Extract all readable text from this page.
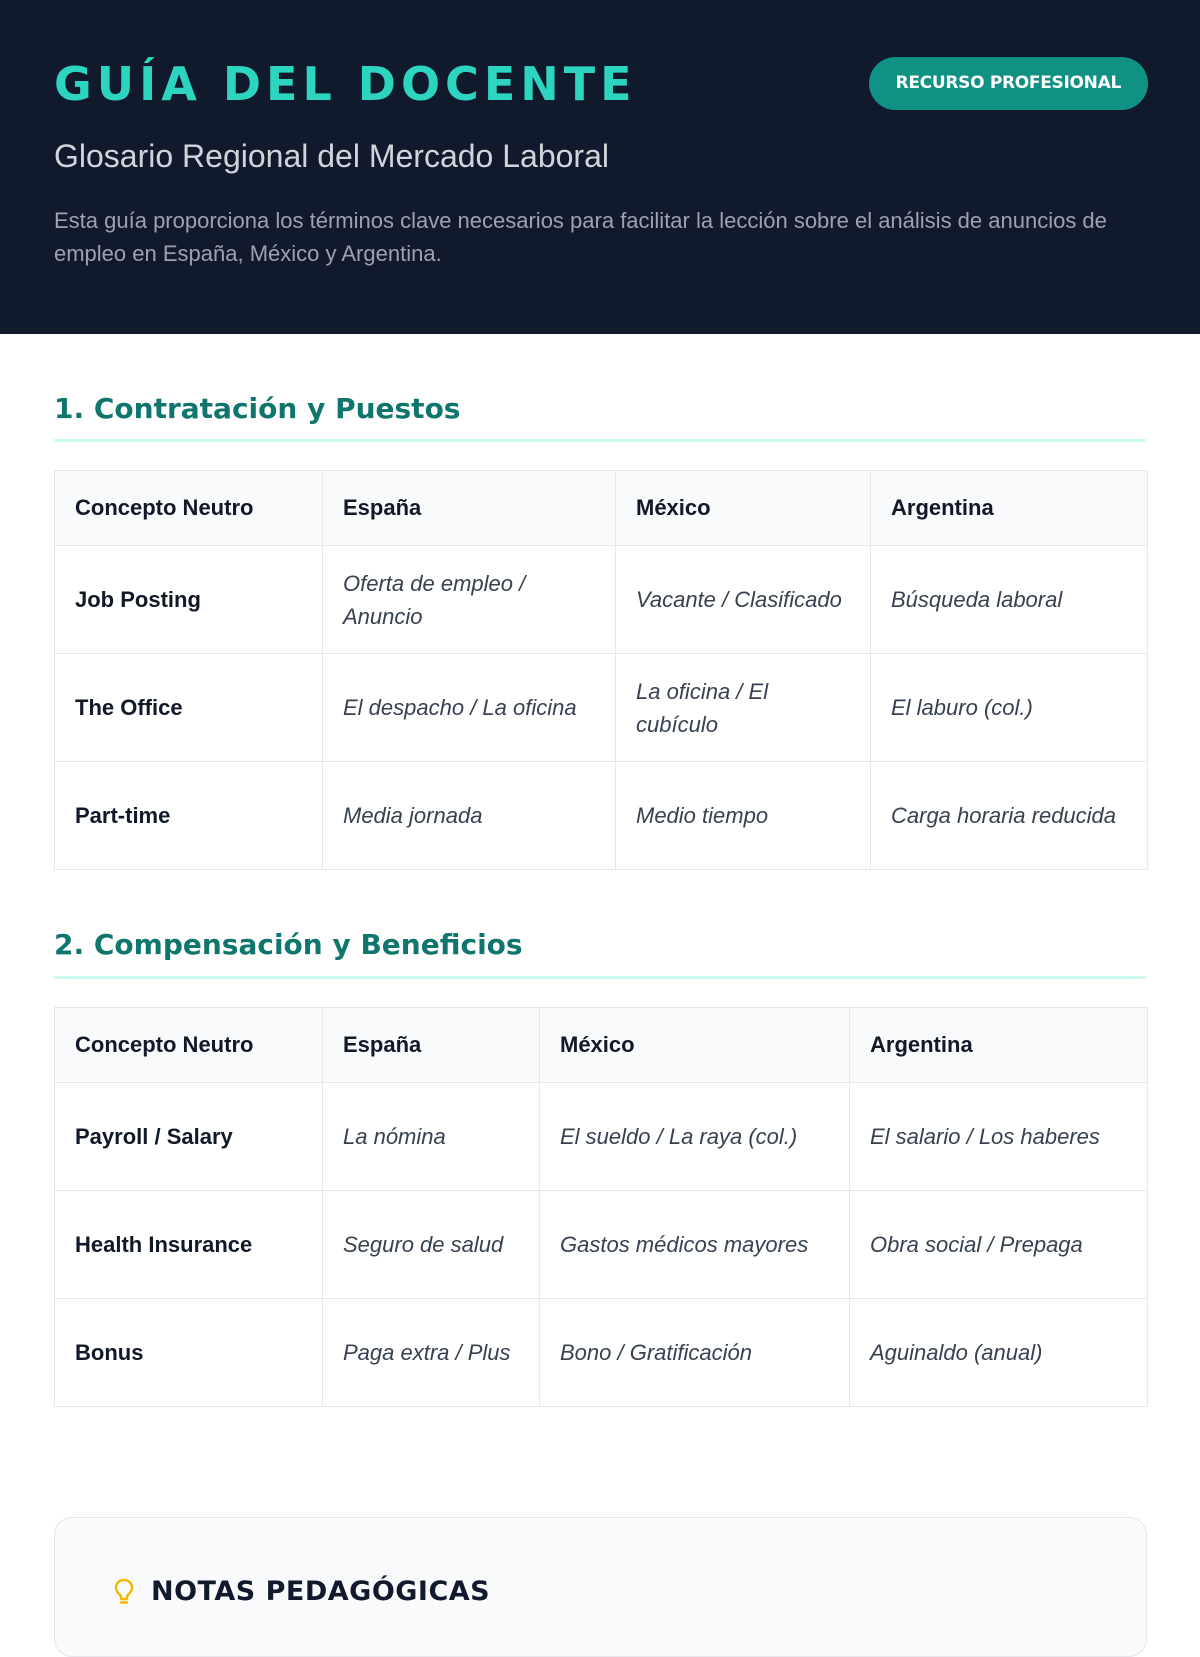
GUÍA DEL DOCENTE	RECURSO PROFESIONAL

Glosario Regional del Mercado Laboral

Esta guía proporciona los términos clave necesarios para facilitar la lección sobre el análisis de anuncios de empleo en España, México y Argentina.

1. Contratación y Puestos
Concepto Neutro	España	México	Argentina
Job Posting	Oferta de empleo / Anuncio	Vacante / Clasificado	Búsqueda laboral
The Office	El despacho / La oficina	La oficina / El cubículo	El laburo (col.)
Part-time	Media jornada	Medio tiempo	Carga horaria reducida
2. Compensación y Beneficios
Concepto Neutro	España	México	Argentina
Payroll / Salary	La nómina	El sueldo / La raya (col.)	El salario / Los haberes
Health Insurance	Seguro de salud	Gastos médicos mayores	Obra social / Prepaga
Bonus	Paga extra / Plus	Bono / Gratificación	Aguinaldo (anual)
NOTAS PEDAGÓGICAS
